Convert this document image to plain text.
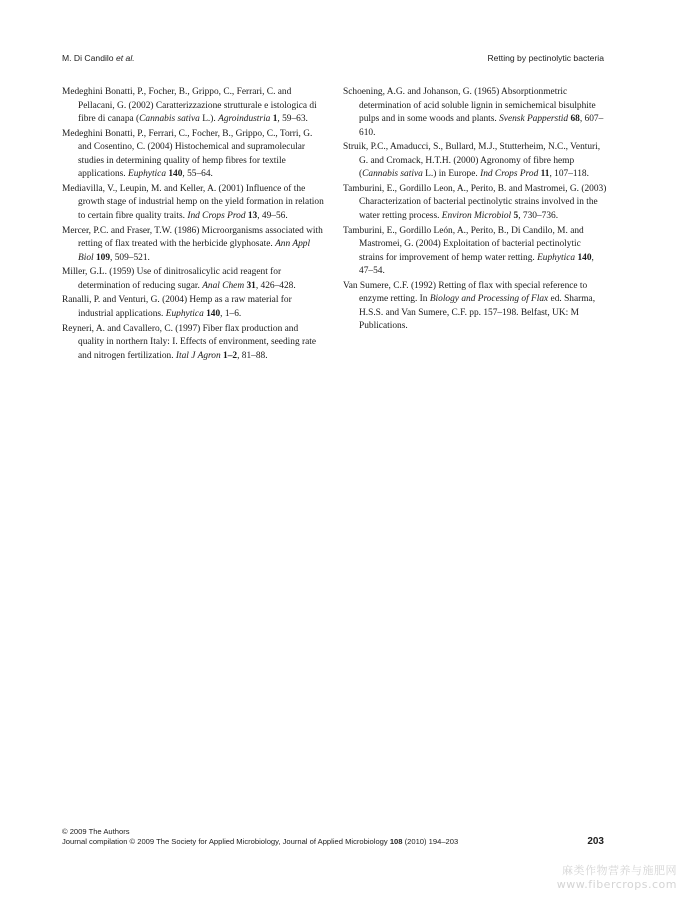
M. Di Candilo et al.	Retting by pectinolytic bacteria
Medeghini Bonatti, P., Focher, B., Grippo, C., Ferrari, C. and Pellacani, G. (2002) Caratterizzazione strutturale e istologica di fibre di canapa (Cannabis sativa L.). Agroindustria 1, 59–63.
Medeghini Bonatti, P., Ferrari, C., Focher, B., Grippo, C., Torri, G. and Cosentino, C. (2004) Histochemical and supramolecular studies in determining quality of hemp fibres for textile applications. Euphytica 140, 55–64.
Mediavilla, V., Leupin, M. and Keller, A. (2001) Influence of the growth stage of industrial hemp on the yield formation in relation to certain fibre quality traits. Ind Crops Prod 13, 49–56.
Mercer, P.C. and Fraser, T.W. (1986) Microorganisms associated with retting of flax treated with the herbicide glyphosate. Ann Appl Biol 109, 509–521.
Miller, G.L. (1959) Use of dinitrosalicylic acid reagent for determination of reducing sugar. Anal Chem 31, 426–428.
Ranalli, P. and Venturi, G. (2004) Hemp as a raw material for industrial applications. Euphytica 140, 1–6.
Reyneri, A. and Cavallero, C. (1997) Fiber flax production and quality in northern Italy: I. Effects of environment, seeding rate and nitrogen fertilization. Ital J Agron 1–2, 81–88.
Schoening, A.G. and Johanson, G. (1965) Absorptionmetric determination of acid soluble lignin in semichemical bisulphite pulps and in some woods and plants. Svensk Papperstid 68, 607–610.
Struik, P.C., Amaducci, S., Bullard, M.J., Stutterheim, N.C., Venturi, G. and Cromack, H.T.H. (2000) Agronomy of fibre hemp (Cannabis sativa L.) in Europe. Ind Crops Prod 11, 107–118.
Tamburini, E., Gordillo Leon, A., Perito, B. and Mastromei, G. (2003) Characterization of bacterial pectinolytic strains involved in the water retting process. Environ Microbiol 5, 730–736.
Tamburini, E., Gordillo León, A., Perito, B., Di Candilo, M. and Mastromei, G. (2004) Exploitation of bacterial pectinolytic strains for improvement of hemp water retting. Euphytica 140, 47–54.
Van Sumere, C.F. (1992) Retting of flax with special reference to enzyme retting. In Biology and Processing of Flax ed. Sharma, H.S.S. and Van Sumere, C.F. pp. 157–198. Belfast, UK: M Publications.
© 2009 The Authors
Journal compilation © 2009 The Society for Applied Microbiology, Journal of Applied Microbiology 108 (2010) 194–203	203
麻类作物营养与施肥网
www.fibercrops.com
